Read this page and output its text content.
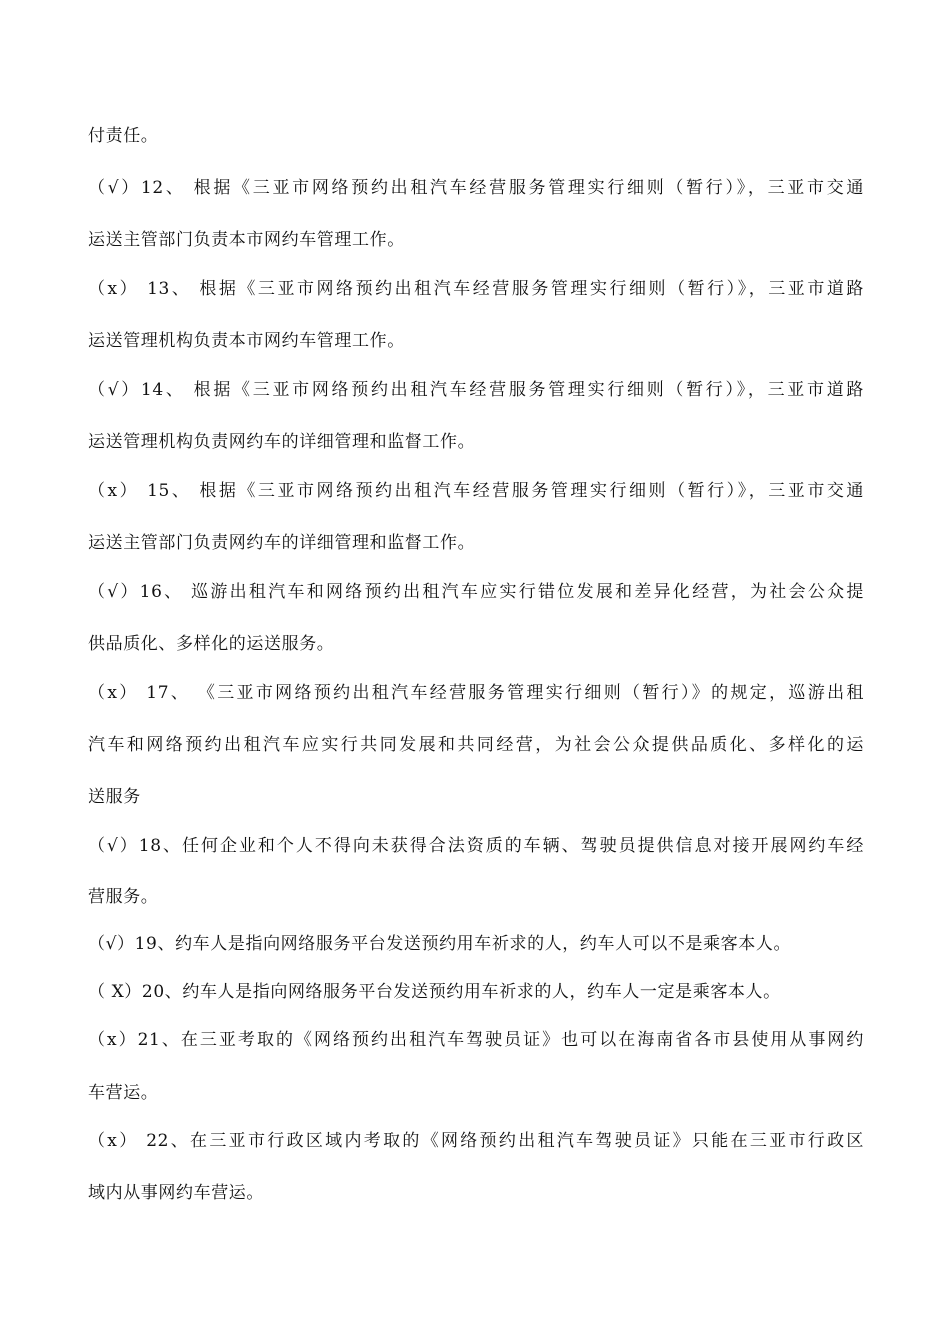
付责任。
（√）12、 根据《三亚市网络预约出租汽车经营服务管理实行细则（暂行）》，三亚市交通
运送主管部门负责本市网约车管理工作。
（x） 13、 根据《三亚市网络预约出租汽车经营服务管理实行细则（暂行）》，三亚市道路
运送管理机构负责本市网约车管理工作。
（√）14、 根据《三亚市网络预约出租汽车经营服务管理实行细则（暂行）》，三亚市道路
运送管理机构负责网约车的详细管理和监督工作。
（x） 15、 根据《三亚市网络预约出租汽车经营服务管理实行细则（暂行）》，三亚市交通
运送主管部门负责网约车的详细管理和监督工作。
（√）16、 巡游出租汽车和网络预约出租汽车应实行错位发展和差异化经营，为社会公众提
供品质化、多样化的运送服务。
（x） 17、 《三亚市网络预约出租汽车经营服务管理实行细则（暂行）》的规定，巡游出租
汽车和网络预约出租汽车应实行共同发展和共同经营，为社会公众提供品质化、多样化的运
送服务
（√）18、任何企业和个人不得向未获得合法资质的车辆、驾驶员提供信息对接开展网约车经
营服务。
（√）19、约车人是指向网络服务平台发送预约用车祈求的人，约车人可以不是乘客本人。
（ X）20、约车人是指向网络服务平台发送预约用车祈求的人，约车人一定是乘客本人。
（x）21、在三亚考取的《网络预约出租汽车驾驶员证》也可以在海南省各市县使用从事网约
车营运。
（x） 22、在三亚市行政区域内考取的《网络预约出租汽车驾驶员证》只能在三亚市行政区
域内从事网约车营运。
